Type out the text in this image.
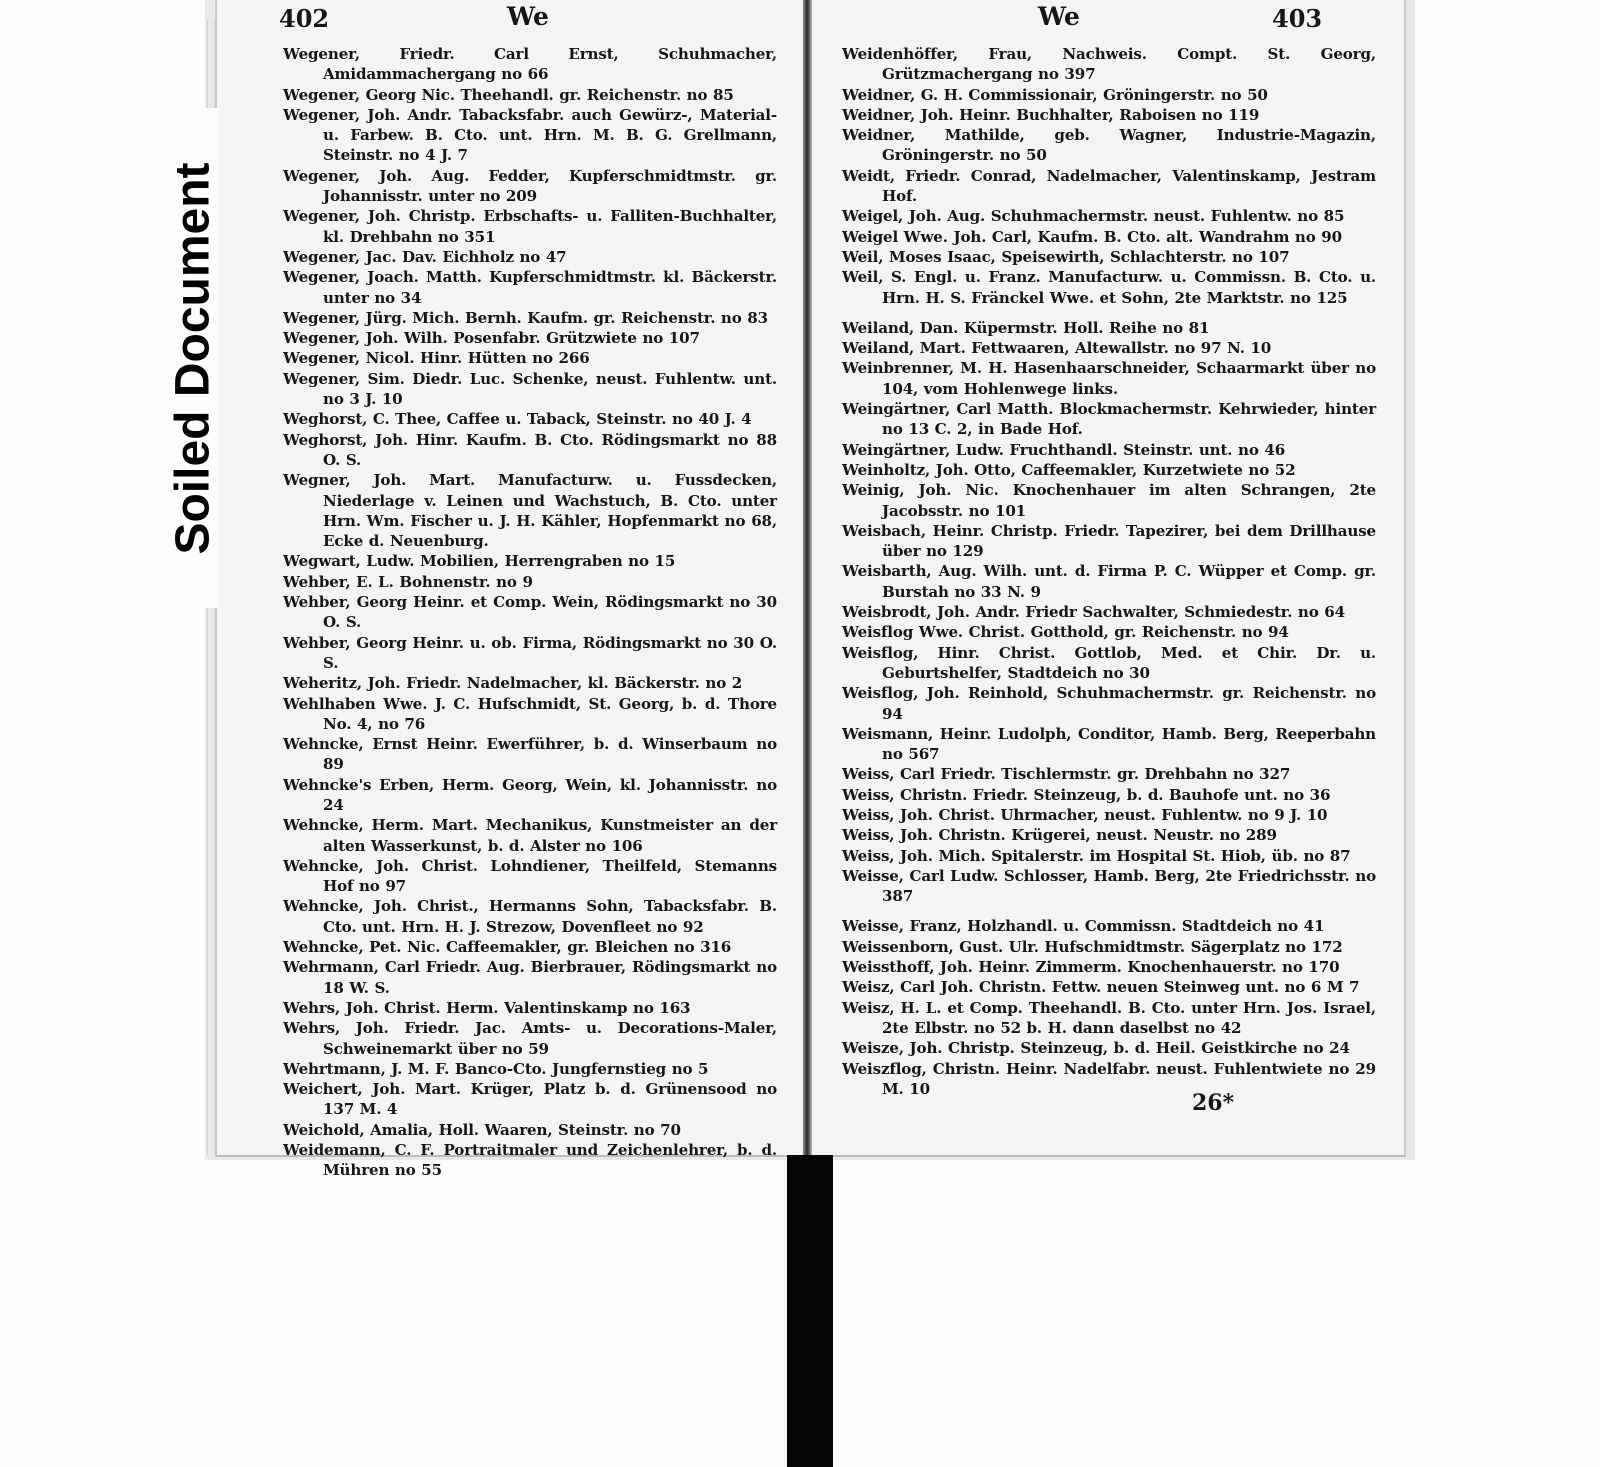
402	We
Wegener, Friedr. Carl Ernst, Schuhmacher, Amidammachergang no 66
Wegener, Georg Nic. Theehandl. gr. Reichenstr. no 85
Wegener, Joh. Andr. Tabacksfabr. auch Gewürz-, Material- u. Farbew. B. Cto. unt. Hrn. M. B. G. Grellmann, Steinstr. no 4 J. 7
Wegener, Joh. Aug. Fedder, Kupferschmidtmstr. gr. Johannisstr. unter no 209
Wegener, Joh. Christp. Erbschafts- u. Falliten-Buchhalter, kl. Drehbahn no 351
Wegener, Jac. Dav. Eichholz no 47
Wegener, Joach. Matth. Kupferschmidtmstr. kl. Bäckerstr. unter no 34
Wegener, Jürg. Mich. Bernh. Kaufm. gr. Reichenstr. no 83
Wegener, Joh. Wilh. Posenfabr. Grützwiete no 107
Wegener, Nicol. Hinr. Hütten no 266
Wegener, Sim. Diedr. Luc. Schenke, neust. Fuhlentw. unt. no 3 J. 10
Weghorst, C. Thee, Caffee u. Taback, Steinstr. no 40 J. 4
Weghorst, Joh. Hinr. Kaufm. B. Cto. Rödingsmarkt no 88 O. S.
Wegner, Joh. Mart. Manufacturw. u. Fussdecken, Niederlage v. Leinen und Wachstuch, B. Cto. unter Hrn. Wm. Fischer u. J. H. Kähler, Hopfenmarkt no 68, Ecke d. Neuenburg.
Wegwart, Ludw. Mobilien, Herrengraben no 15
Wehber, E. L. Bohnenstr. no 9
Wehber, Georg Heinr. et Comp. Wein, Rödingsmarkt no 30 O. S.
Wehber, Georg Heinr. u. ob. Firma, Rödingsmarkt no 30 O. S.
Weheritz, Joh. Friedr. Nadelmacher, kl. Bäckerstr. no 2
Wehlhaben Wwe. J. C. Hufschmidt, St. Georg, b. d. Thore No. 4, no 76
Wehncke, Ernst Heinr. Ewerführer, b. d. Winserbaum no 89
Wehncke's Erben, Herm. Georg, Wein, kl. Johannisstr. no 24
Wehncke, Herm. Mart. Mechanikus, Kunstmeister an der alten Wasserkunst, b. d. Alster no 106
Wehncke, Joh. Christ. Lohndiener, Theilfeld, Stemanns Hof no 97
Wehncke, Joh. Christ., Hermanns Sohn, Tabacksfabr. B. Cto. unt. Hrn. H. J. Strezow, Dovenfleet no 92
Wehncke, Pet. Nic. Caffeemakler, gr. Bleichen no 316
Wehrmann, Carl Friedr. Aug. Bierbrauer, Rödingsmarkt no 18 W. S.
Wehrs, Joh. Christ. Herm. Valentinskamp no 163
Wehrs, Joh. Friedr. Jac. Amts- u. Decorations-Maler, Schweinemarkt über no 59
Wehrtmann, J. M. F. Banco-Cto. Jungfernstieg no 5
Weichert, Joh. Mart. Krüger, Platz b. d. Grünensood no 137 M. 4
Weichold, Amalia, Holl. Waaren, Steinstr. no 70
Weidemann, C. F. Portraitmaler und Zeichenlehrer, b. d. Mühren no 55
We	403
Weidenhöffer, Frau, Nachweis. Compt. St. Georg, Grützmachergang no 397
Weidner, G. H. Commissionair, Gröningerstr. no 50
Weidner, Joh. Heinr. Buchhalter, Raboisen no 119
Weidner, Mathilde, geb. Wagner, Industrie-Magazin, Gröningerstr. no 50
Weidt, Friedr. Conrad, Nadelmacher, Valentinskamp, Jestram Hof.
Weigel, Joh. Aug. Schuhmachermstr. neust. Fuhlentw. no 85
Weigel Wwe. Joh. Carl, Kaufm. B. Cto. alt. Wandrahm no 90
Weil, Moses Isaac, Speisewirth, Schlachterstr. no 107
Weil, S. Engl. u. Franz. Manufacturw. u. Commissn. B. Cto. u. Hrn. H. S. Fränckel Wwe. et Sohn, 2te Marktstr. no 125
Weiland, Dan. Küpermstr. Holl. Reihe no 81
Weiland, Mart. Fettwaaren, Altewallstr. no 97 N. 10
Weinbrenner, M. H. Hasenhaarschneider, Schaarmarkt über no 104, vom Hohlenwege links.
Weingärtner, Carl Matth. Blockmachermstr. Kehrwieder, hinter no 13 C. 2, in Bade Hof.
Weingärtner, Ludw. Fruchthandl. Steinstr. unt. no 46
Weinholtz, Joh. Otto, Caffeemakler, Kurzetwiete no 52
Weinig, Joh. Nic. Knochenhauer im alten Schrangen, 2te Jacobsstr. no 101
Weisbach, Heinr. Christp. Friedr. Tapezirer, bei dem Drillhause über no 129
Weisbarth, Aug. Wilh. unt. d. Firma P. C. Wüpper et Comp. gr. Burstah no 33 N. 9
Weisbrodt, Joh. Andr. Friedr Sachwalter, Schmiedestr. no 64
Weisflog Wwe. Christ. Gotthold, gr. Reichenstr. no 94
Weisflog, Hinr. Christ. Gottlob, Med. et Chir. Dr. u. Geburtshelfer, Stadtdeich no 30
Weisflog, Joh. Reinhold, Schuhmachermstr. gr. Reichenstr. no 94
Weismann, Heinr. Ludolph, Conditor, Hamb. Berg, Reeperbahn no 567
Weiss, Carl Friedr. Tischlermstr. gr. Drehbahn no 327
Weiss, Christn. Friedr. Steinzeug, b. d. Bauhofe unt. no 36
Weiss, Joh. Christ. Uhrmacher, neust. Fuhlentw. no 9 J. 10
Weiss, Joh. Christn. Krügerei, neust. Neustr. no 289
Weiss, Joh. Mich. Spitalerstr. im Hospital St. Hiob, üb. no 87
Weisse, Carl Ludw. Schlosser, Hamb. Berg, 2te Friedrichsstr. no 387
Weisse, Franz, Holzhandl. u. Commissn. Stadtdeich no 41
Weissenborn, Gust. Ulr. Hufschmidtmstr. Sägerplatz no 172
Weissthoff, Joh. Heinr. Zimmerm. Knochenhauerstr. no 170
Weisz, Carl Joh. Christn. Fettw. neuen Steinweg unt. no 6 M 7
Weisz, H. L. et Comp. Theehandl. B. Cto. unter Hrn. Jos. Israel, 2te Elbstr. no 52 b. H. dann daselbst no 42
Weisze, Joh. Christp. Steinzeug, b. d. Heil. Geistkirche no 24
Weiszflog, Christn. Heinr. Nadelfabr. neust. Fuhlentwiete no 29 M. 10
26*
Soiled Document
